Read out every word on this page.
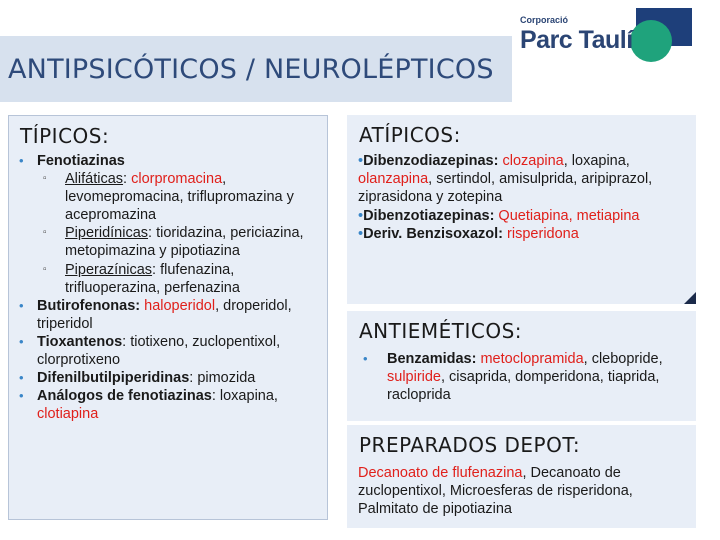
ANTIPSICÓTICOS / NEUROLÉPTICOS
Corporació
Parc Taulí
TÍPICOS:
• Fenotiazinas
▫ Alifáticas: clorpromacina, levomepromacina, triflupromazina y acepromazina
▫ Piperidínicas: tioridazina, periciazina, metopimazina y pipotiazina
▫ Piperazínicas: flufenazina, trifluoperazina, perfenazina
• Butirofenonas: haloperidol, droperidol, triperidol
• Tioxantenos: tiotixeno, zuclopentixol, clorprotixeno
• Difenilbutilpiperidinas: pimozida
• Análogos de fenotiazinas: loxapina, clotiapina
ATÍPICOS:
•Dibenzodiazepinas: clozapina, loxapina, olanzapina, sertindol, amisulprida, aripiprazol, ziprasidona y zotepina
•Dibenzotiazepinas: Quetiapina, metiapina
•Deriv. Benzisoxazol: risperidona
ANTIEMÉTICOS:
• Benzamidas: metoclopramida, clebopride, sulpiride, cisaprida, domperidona, tiaprida, racloprida
PREPARADOS DEPOT:
Decanoato de flufenazina, Decanoato de zuclopentixol, Microesferas de risperidona, Palmitato de pipotiazina
